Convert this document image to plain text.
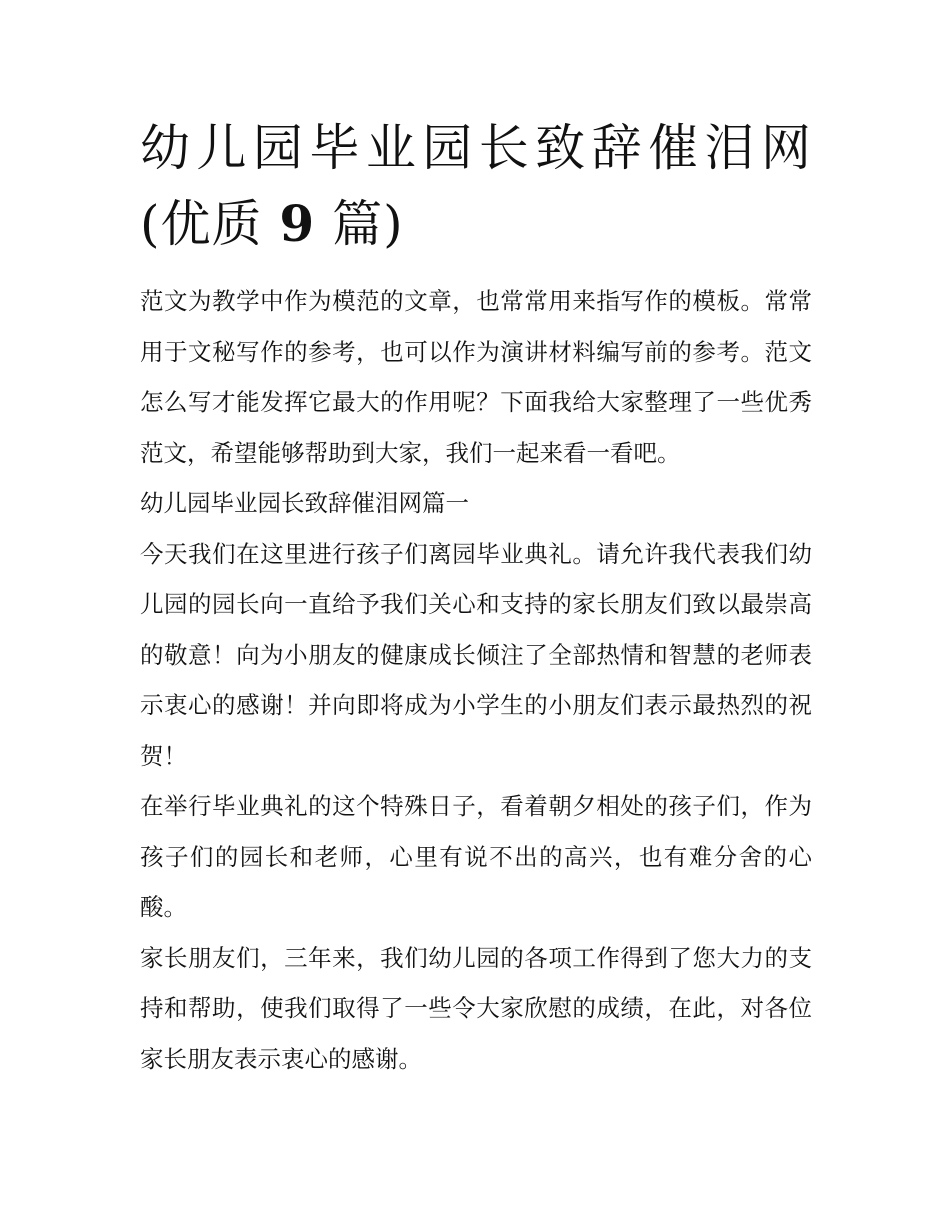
幼儿园毕业园长致辞催泪网(优质 9 篇)

范文为教学中作为模范的文章，也常常用来指写作的模板。常常用于文秘写作的参考，也可以作为演讲材料编写前的参考。范文怎么写才能发挥它最大的作用呢？下面我给大家整理了一些优秀范文，希望能够帮助到大家，我们一起来看一看吧。

幼儿园毕业园长致辞催泪网篇一

今天我们在这里进行孩子们离园毕业典礼。请允许我代表我们幼儿园的园长向一直给予我们关心和支持的家长朋友们致以最崇高的敬意！向为小朋友的健康成长倾注了全部热情和智慧的老师表示衷心的感谢！并向即将成为小学生的小朋友们表示最热烈的祝贺！

在举行毕业典礼的这个特殊日子，看着朝夕相处的孩子们，作为孩子们的园长和老师，心里有说不出的高兴，也有难分舍的心酸。

家长朋友们，三年来，我们幼儿园的各项工作得到了您大力的支持和帮助，使我们取得了一些令大家欣慰的成绩，在此，对各位家长朋友表示衷心的感谢。
